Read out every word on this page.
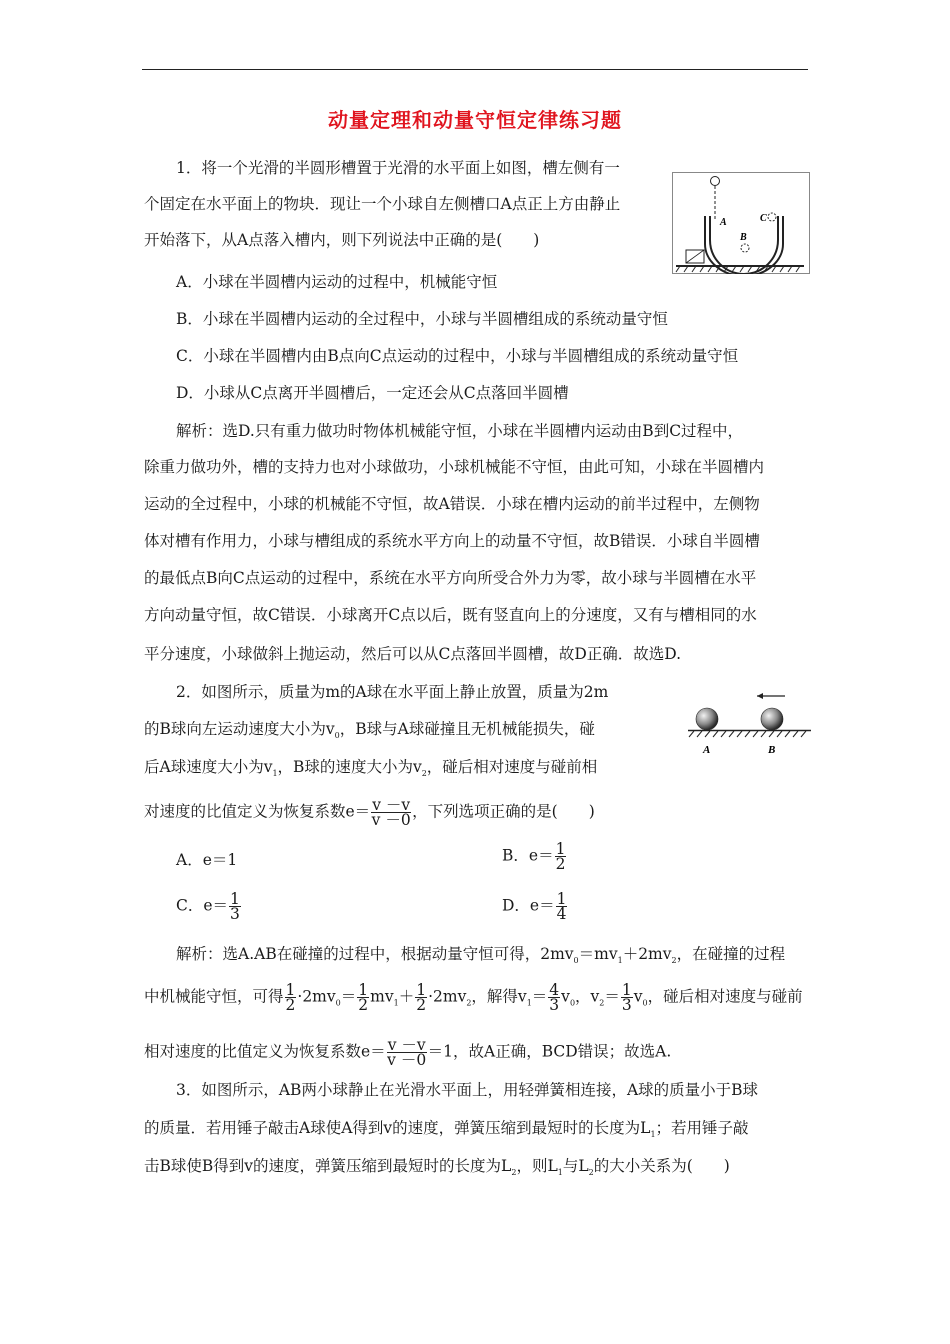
动量定理和动量守恒定律练习题
1．将一个光滑的半圆形槽置于光滑的水平面上如图，槽左侧有一
个固定在水平面上的物块．现让一个小球自左侧槽口A点正上方由静止
开始落下，从A点落入槽内，则下列说法中正确的是(　　)
A
B
C
A．小球在半圆槽内运动的过程中，机械能守恒
B．小球在半圆槽内运动的全过程中，小球与半圆槽组成的系统动量守恒
C．小球在半圆槽内由B点向C点运动的过程中，小球与半圆槽组成的系统动量守恒
D．小球从C点离开半圆槽后，一定还会从C点落回半圆槽
解析：选D.只有重力做功时物体机械能守恒，小球在半圆槽内运动由B到C过程中，
除重力做功外，槽的支持力也对小球做功，小球机械能不守恒，由此可知，小球在半圆槽内
运动的全过程中，小球的机械能不守恒，故A错误．小球在槽内运动的前半过程中，左侧物
体对槽有作用力，小球与槽组成的系统水平方向上的动量不守恒，故B错误．小球自半圆槽
的最低点B向C点运动的过程中，系统在水平方向所受合外力为零，故小球与半圆槽在水平
方向动量守恒，故C错误．小球离开C点以后，既有竖直向上的分速度，又有与槽相同的水
平分速度，小球做斜上抛运动，然后可以从C点落回半圆槽，故D正确．故选D.
2．如图所示，质量为m的A球在水平面上静止放置，质量为2m
的B球向左运动速度大小为$v_0$，B球与A球碰撞且无机械能损失，碰
后A球速度大小为$v_1$，B球的速度大小为$v_2$，碰后相对速度与碰前相
对速度的比值定义为恢复系数$e= \frac{v -v}{v -0}$ ，下列选项正确的是(　　)
A	B
A．e＝1	B．$e= \frac{1}{2}$
C．$e= \frac{1}{3}$	D．$e= \frac{1}{4}$
解析：选A.AB在碰撞的过程中，根据动量守恒可得，$2mv_0=mv_1+2mv_2$，在碰撞的过程
中机械能守恒，可得 $\frac{1}{2} \cdot 2mv_0= \frac{1}{2} mv_1+ \frac{1}{2} \cdot 2mv_2$，解得$v_1= \frac{4}{3} v_0$，$v_2= \frac{1}{3} v_0$，碰后相对速度与碰前
相对速度的比值定义为恢复系数$e= \frac{v -v}{v -0} =1$，故A正确，BCD错误；故选A.
3．如图所示，AB两小球静止在光滑水平面上，用轻弹簧相连接，A球的质量小于B球
的质量．若用锤子敲击A球使A得到v的速度，弹簧压缩到最短时的长度为$L_1$；若用锤子敲
击B球使B得到v的速度，弹簧压缩到最短时的长度为$L_2$，则$L_1$与$L_2$的大小关系为(　　)
